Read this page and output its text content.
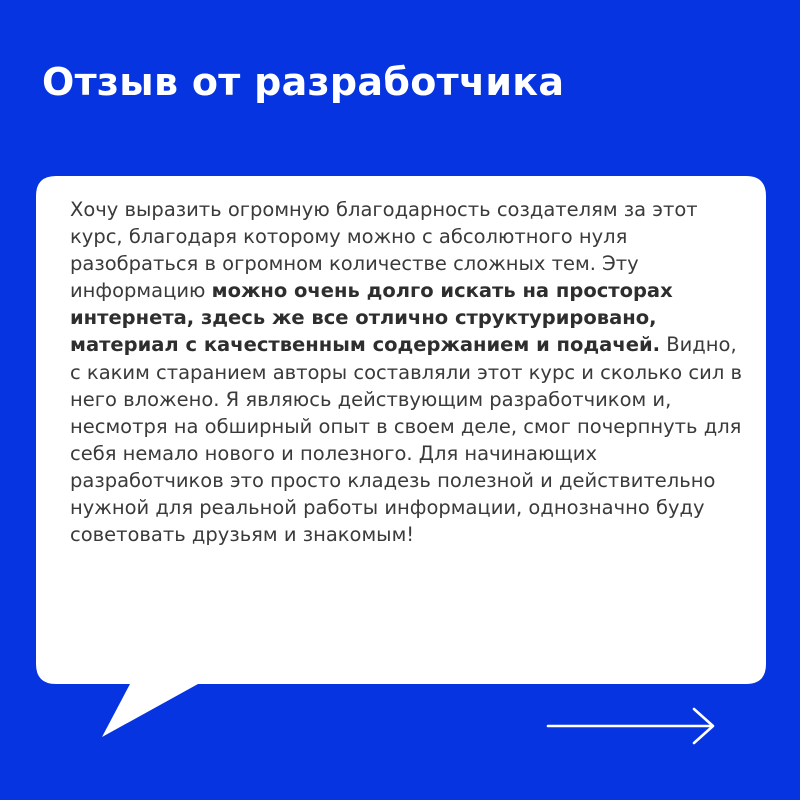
Отзыв от разработчика

Хочу выразить огромную благодарность создателям за этот курс, благодаря которому можно с абсолютного нуля разобраться в огромном количестве сложных тем. Эту информацию можно очень долго искать на просторах интернета, здесь же все отлично структурировано, материал с качественным содержанием и подачей. Видно, с каким старанием авторы составляли этот курс и сколько сил в него вложено. Я являюсь действующим разработчиком и, несмотря на обширный опыт в своем деле, смог почерпнуть для себя немало нового и полезного. Для начинающих разработчиков это просто кладезь полезной и действительно нужной для реальной работы информации, однозначно буду советовать друзьям и знакомым!
